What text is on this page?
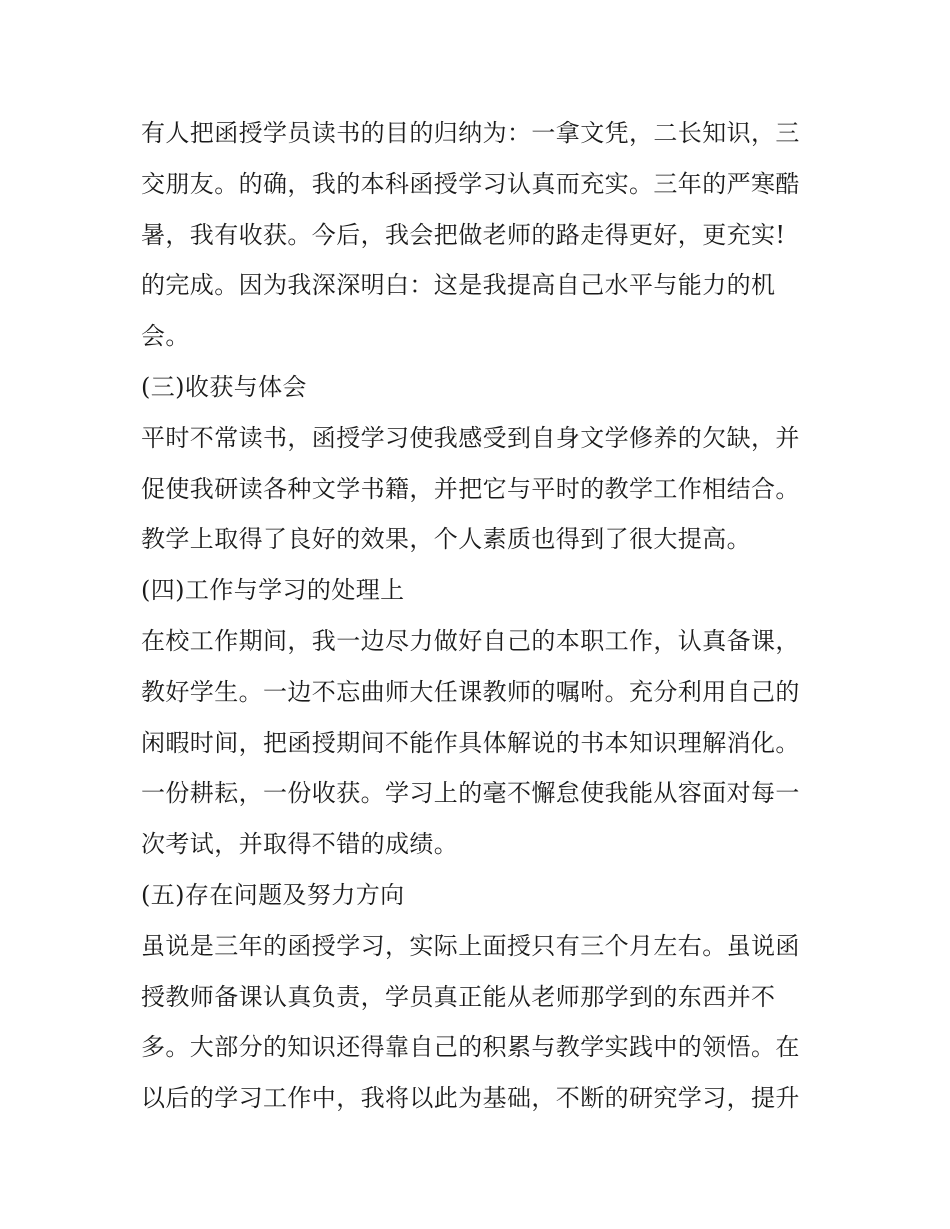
有人把函授学员读书的目的归纳为：一拿文凭，二长知识，三
交朋友。的确，我的本科函授学习认真而充实。三年的严寒酷
暑，我有收获。今后，我会把做老师的路走得更好，更充实!
的完成。因为我深深明白：这是我提高自己水平与能力的机
会。
(三)收获与体会
平时不常读书，函授学习使我感受到自身文学修养的欠缺，并
促使我研读各种文学书籍，并把它与平时的教学工作相结合。
教学上取得了良好的效果，个人素质也得到了很大提高。
(四)工作与学习的处理上
在校工作期间，我一边尽力做好自己的本职工作，认真备课，
教好学生。一边不忘曲师大任课教师的嘱咐。充分利用自己的
闲暇时间，把函授期间不能作具体解说的书本知识理解消化。
一份耕耘，一份收获。学习上的毫不懈怠使我能从容面对每一
次考试，并取得不错的成绩。
(五)存在问题及努力方向
虽说是三年的函授学习，实际上面授只有三个月左右。虽说函
授教师备课认真负责，学员真正能从老师那学到的东西并不
多。大部分的知识还得靠自己的积累与教学实践中的领悟。在
以后的学习工作中，我将以此为基础，不断的研究学习，提升
